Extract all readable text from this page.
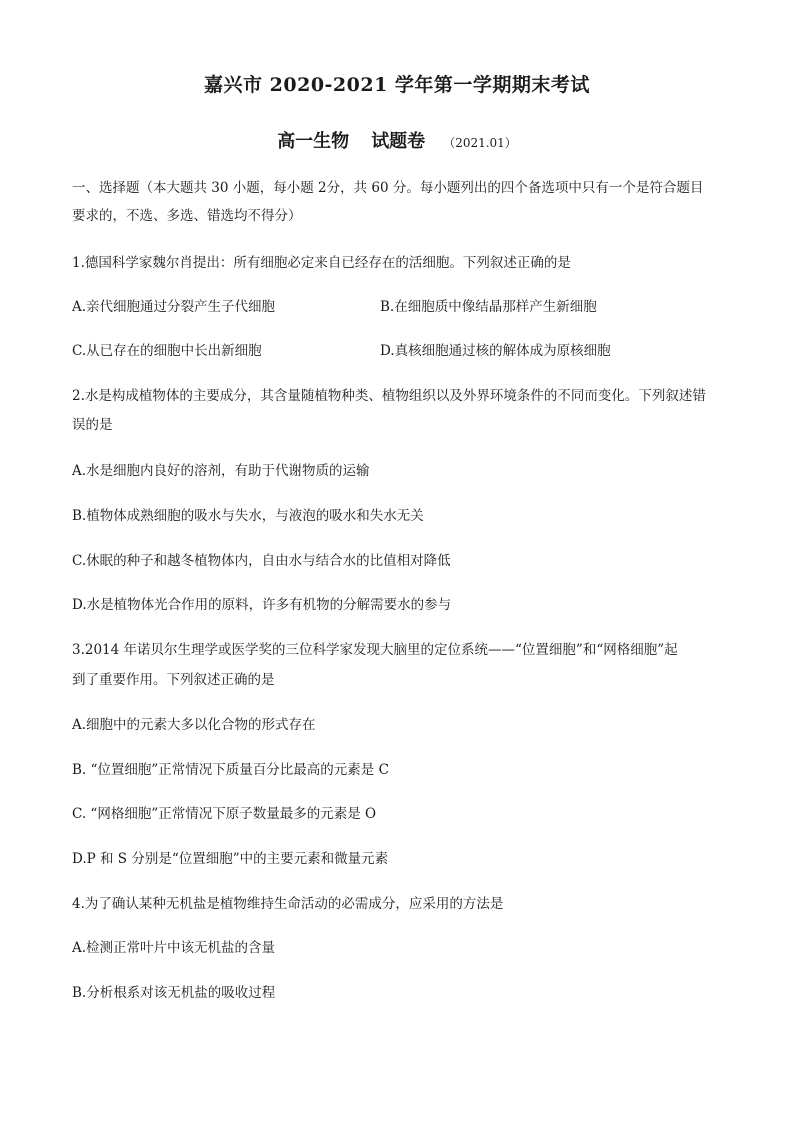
嘉兴市 2020-2021 学年第一学期期末考试
高一生物 试题卷 （2021.01）
一、选择题（本大题共 30 小题，每小题 2分，共 60 分。每小题列出的四个备选项中只有一个是符合题目
要求的，不选、多选、错选均不得分）
1.德国科学家魏尔肖提出：所有细胞必定来自已经存在的活细胞。下列叙述正确的是
A.亲代细胞通过分裂产生子代细胞	B.在细胞质中像结晶那样产生新细胞
C.从已存在的细胞中长出新细胞	D.真核细胞通过核的解体成为原核细胞
2.水是构成植物体的主要成分，其含量随植物种类、植物组织以及外界环境条件的不同而变化。下列叙述错
误的是
A.水是细胞内良好的溶剂，有助于代谢物质的运输
B.植物体成熟细胞的吸水与失水，与液泡的吸水和失水无关
C.休眠的种子和越冬植物体内，自由水与结合水的比值相对降低
D.水是植物体光合作用的原料，许多有机物的分解需要水的参与
3.2014 年诺贝尔生理学或医学奖的三位科学家发现大脑里的定位系统——“位置细胞”和“网格细胞”起
到了重要作用。下列叙述正确的是
A.细胞中的元素大多以化合物的形式存在
B. “位置细胞”正常情况下质量百分比最高的元素是 C
C. “网格细胞”正常情况下原子数量最多的元素是 O
D.P 和 S 分别是“位置细胞”中的主要元素和微量元素
4.为了确认某种无机盐是植物维持生命活动的必需成分，应采用的方法是
A.检测正常叶片中该无机盐的含量
B.分析根系对该无机盐的吸收过程
